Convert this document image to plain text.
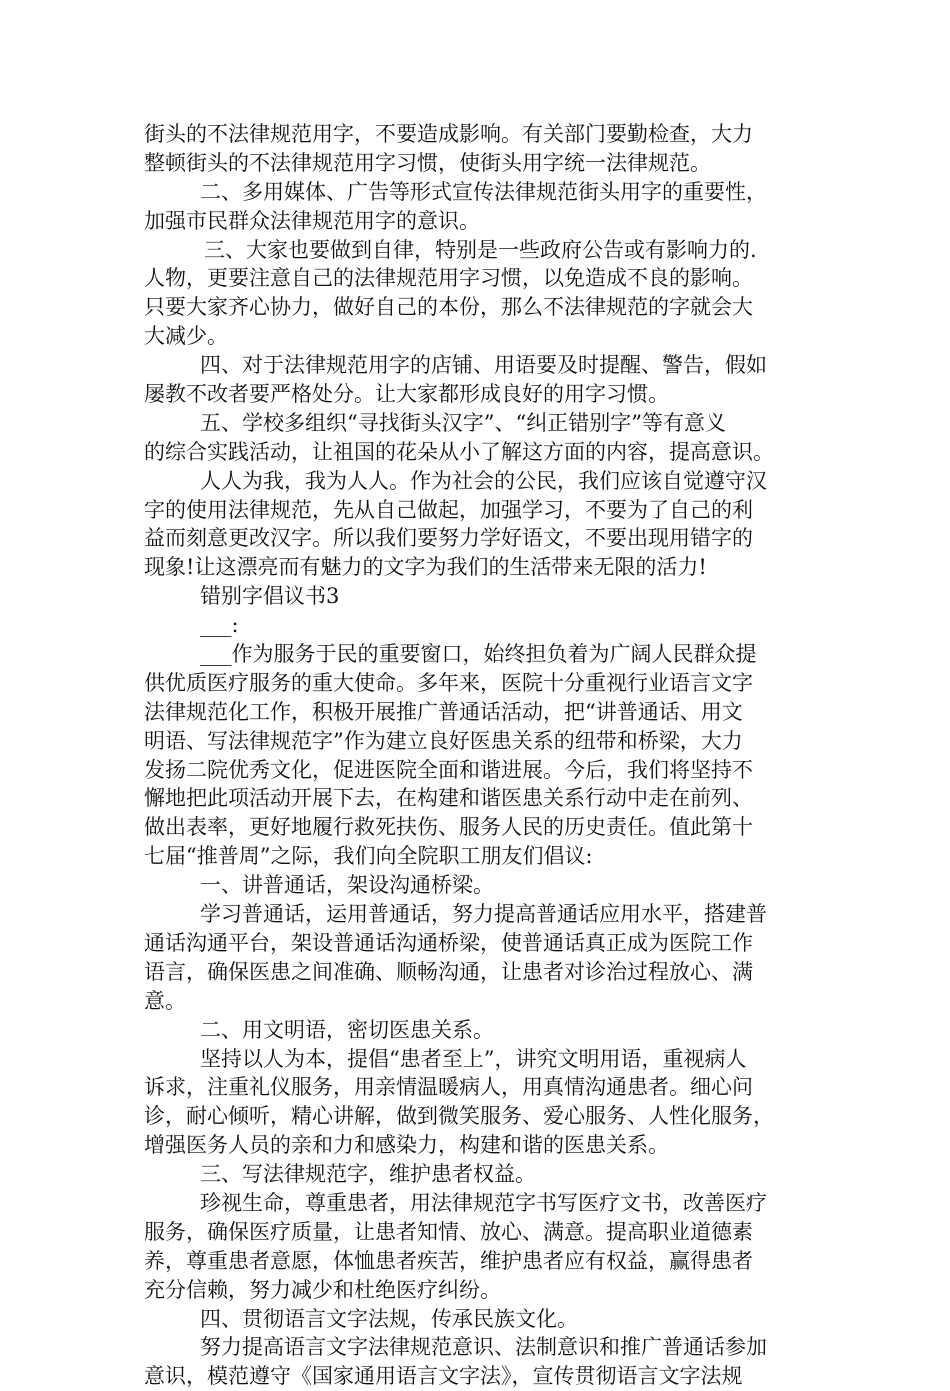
街头的不法律规范用字，不要造成影响。有关部门要勤检查，大力
整顿街头的不法律规范用字习惯，使街头用字统一法律规范。
二、多用媒体、广告等形式宣传法律规范街头用字的重要性，
加强市民群众法律规范用字的意识。
三、大家也要做到自律，特别是一些政府公告或有影响力的.
人物，更要注意自己的法律规范用字习惯，以免造成不良的影响。
只要大家齐心协力，做好自己的本份，那么不法律规范的字就会大
大减少。
四、对于法律规范用字的店铺、用语要及时提醒、警告，假如
屡教不改者要严格处分。让大家都形成良好的用字习惯。
五、学校多组织“寻找街头汉字”、“纠正错别字”等有意义
的综合实践活动，让祖国的花朵从小了解这方面的内容，提高意识。
人人为我，我为人人。作为社会的公民，我们应该自觉遵守汉
字的使用法律规范，先从自己做起，加强学习，不要为了自己的利
益而刻意更改汉字。所以我们要努力学好语文，不要出现用错字的
现象!让这漂亮而有魅力的文字为我们的生活带来无限的活力!
错别字倡议书3
___:
___作为服务于民的重要窗口，始终担负着为广阔人民群众提
供优质医疗服务的重大使命。多年来，医院十分重视行业语言文字
法律规范化工作，积极开展推广普通话活动，把“讲普通话、用文
明语、写法律规范字”作为建立良好医患关系的纽带和桥梁，大力
发扬二院优秀文化，促进医院全面和谐进展。今后，我们将坚持不
懈地把此项活动开展下去，在构建和谐医患关系行动中走在前列、
做出表率，更好地履行救死扶伤、服务人民的历史责任。值此第十
七届“推普周”之际，我们向全院职工朋友们倡议:
一、讲普通话，架设沟通桥梁。
学习普通话，运用普通话，努力提高普通话应用水平，搭建普
通话沟通平台，架设普通话沟通桥梁，使普通话真正成为医院工作
语言，确保医患之间准确、顺畅沟通，让患者对诊治过程放心、满
意。
二、用文明语，密切医患关系。
坚持以人为本，提倡“患者至上”，讲究文明用语，重视病人
诉求，注重礼仪服务，用亲情温暖病人，用真情沟通患者。细心问
诊，耐心倾听，精心讲解，做到微笑服务、爱心服务、人性化服务，
增强医务人员的亲和力和感染力，构建和谐的医患关系。
三、写法律规范字，维护患者权益。
珍视生命，尊重患者，用法律规范字书写医疗文书，改善医疗
服务，确保医疗质量，让患者知情、放心、满意。提高职业道德素
养，尊重患者意愿，体恤患者疾苦，维护患者应有权益，赢得患者
充分信赖，努力减少和杜绝医疗纠纷。
四、贯彻语言文字法规，传承民族文化。
努力提高语言文字法律规范意识、法制意识和推广普通话参加
意识，模范遵守《国家通用语言文字法》，宣传贯彻语言文字法规
